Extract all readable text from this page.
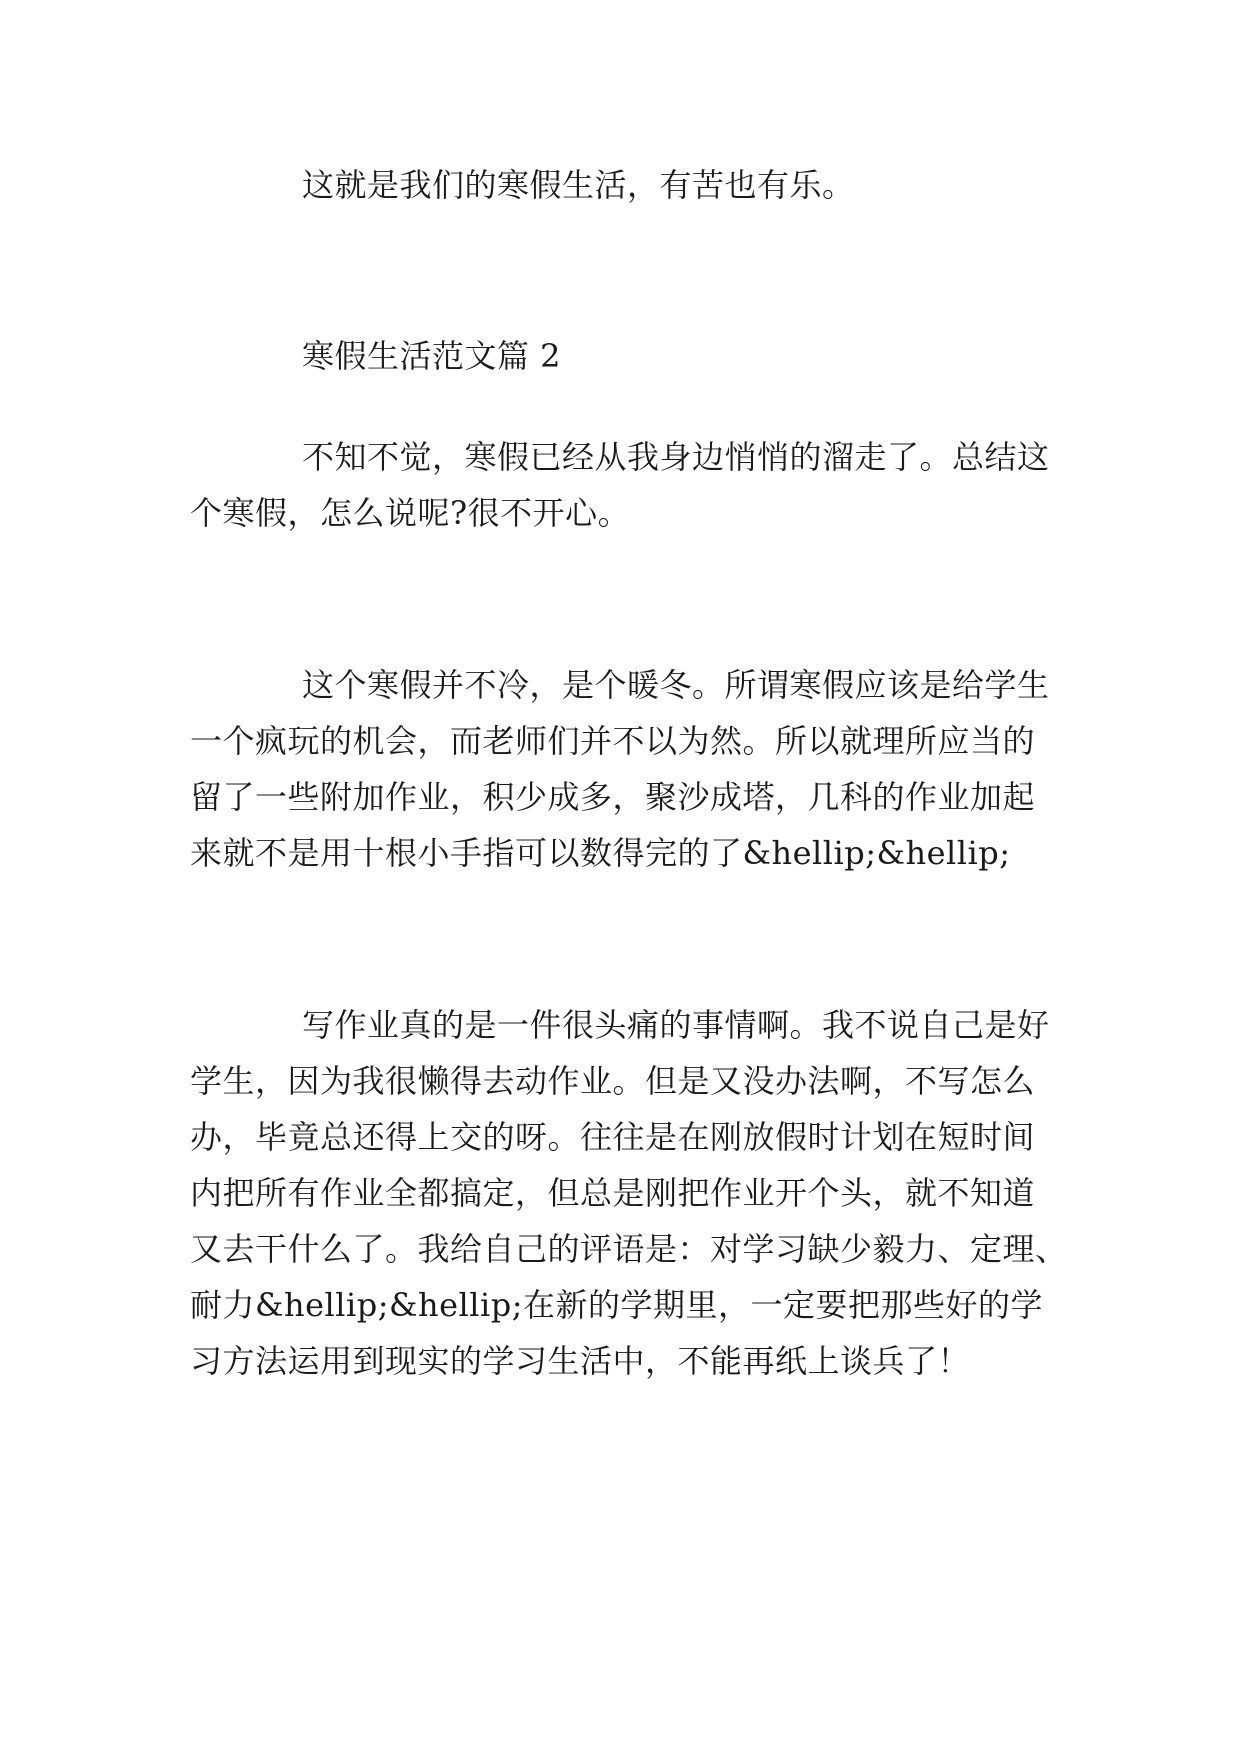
这就是我们的寒假生活，有苦也有乐。
寒假生活范文篇 2
不知不觉，寒假已经从我身边悄悄的溜走了。总结这
个寒假，怎么说呢?很不开心。
这个寒假并不冷，是个暖冬。所谓寒假应该是给学生
一个疯玩的机会，而老师们并不以为然。所以就理所应当的
留了一些附加作业，积少成多，聚沙成塔，几科的作业加起
来就不是用十根小手指可以数得完的了&hellip;&hellip;
写作业真的是一件很头痛的事情啊。我不说自己是好
学生，因为我很懒得去动作业。但是又没办法啊，不写怎么
办，毕竟总还得上交的呀。往往是在刚放假时计划在短时间
内把所有作业全都搞定，但总是刚把作业开个头，就不知道
又去干什么了。我给自己的评语是：对学习缺少毅力、定理、
耐力&hellip;&hellip;在新的学期里，一定要把那些好的学
习方法运用到现实的学习生活中，不能再纸上谈兵了！
